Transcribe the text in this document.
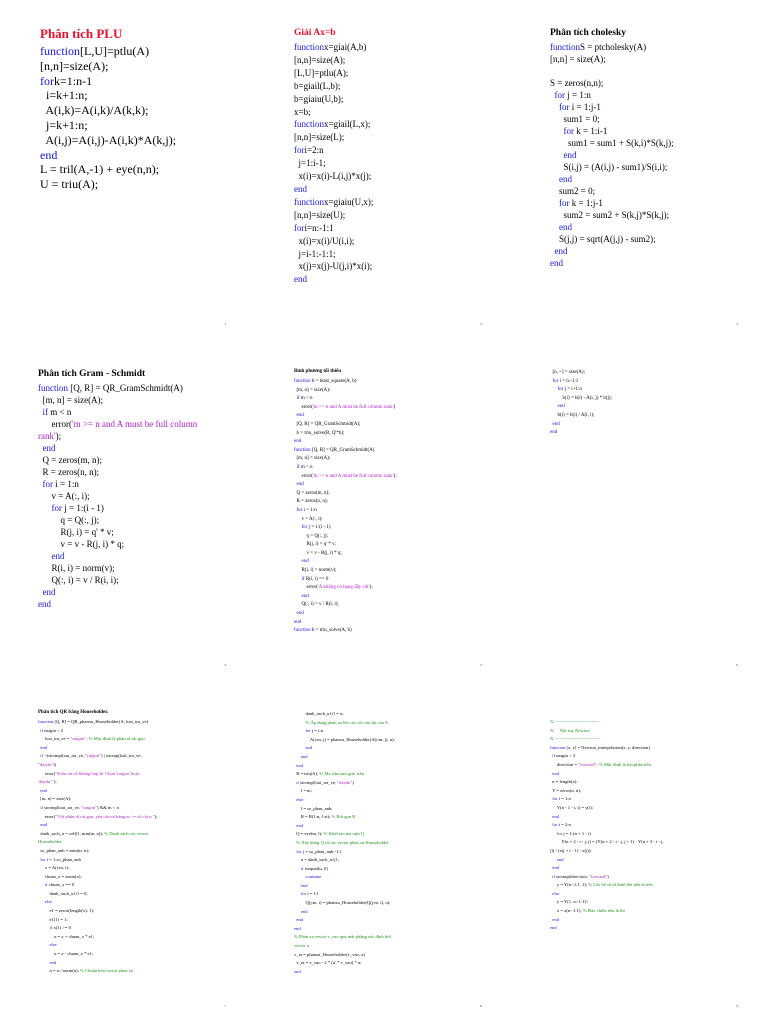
Phân tích PLU
function[L,U]=ptlu(A)
[n,n]=size(A);
fork=1:n-1
i=k+1:n;
A(i,k)=A(i,k)/A(k,k);
j=k+1:n;
A(i,j)=A(i,j)-A(i,k)*A(k,j);
end
L = tril(A,-1) + eye(n,n);
U = triu(A);
1
Giải Ax=b
functionx=giai(A,b)
[n,n]=size(A);
[L,U]=ptlu(A);
b=giail(L,b);
b=giaiu(U,b);
x=b;
functionx=giail(L,x);
[n,n]=size(L);
fori=2:n
j=1:i-1;
x(i)=x(i)-L(i,j)*x(j);
end
functionx=giaiu(U,x);
[n,n]=size(U);
fori=n:-1:1
x(i)=x(i)/U(i,i);
j=i-1:-1:1;
x(j)=x(j)-U(j,i)*x(i);
end
2
Phân tích cholesky
functionS = ptcholesky(A)
[n,n] = size(A);
S = zeros(n,n);
for j = 1:n
for i = 1:j-1
sum1 = 0;
for k = 1:i-1
sum1 = sum1 + S(k,i)*S(k,j);
end
S(i,j) = (A(i,j) - sum1)/S(i,i);
end
sum2 = 0;
for k = 1:j-1
sum2 = sum2 + S(k,j)*S(k,j);
end
S(j,j) = sqrt(A(j,j) - sum2);
end
end
3
Phân tích Gram - Schmidt
function [Q, R] = QR_GramSchmidt(A)
[m, n] = size(A);
if m < n
error('m >= n and A must be full column
rank');
end
Q = zeros(m, n);
R = zeros(n, n);
for i = 1:n
v = A(:, i);
for j = 1:(i - 1)
q = Q(:, j);
R(j, i) = q' * v;
v = v - R(j, i) * q;
end
R(i, i) = norm(v);
Q(:, i) = v / R(i, i);
end
end
4
Bình phương tối thiểu
function b = least_square(A, b)
[m, n] = size(A);
if m < n
error('m >= n and A must be full column rank')
end
[Q, R] = QR_GramSchmidt(A);
b = triu_solve(R, Q'*b);
end
function [Q, R] = QR_GramSchmidt(A)
[m, n] = size(A);
if m < n
error('m >= n and A must be full column rank');
end
Q = zeros(m, n);
R = zeros(n, n);
for i = 1:n
v = A(:, i);
for j = 1:(i - 1)
q = Q(:, j);
R(j, i) = q' * v;
v = v - R(j, i) * q;
end
R(i, i) = norm(v);
if R(i, i) == 0
error('A không có hạng đầy cột');
end
Q(:, i) = v / R(i, i);
end
end
function b = triu_solve(A, b)
5
[n, ~] = size(A);
for i = n:-1:1
for j = i+1:n
b(i) = b(i) - A(i, j) * b(j);
end
b(i) = b(i) / A(i, i);
end
end
6
Phân tích QR bằng Householder.
function [Q, R] = QR_phanxa_Householder(A, loai_tra_ve)
if nargin < 2
loai_tra_ve = "rutgon"; % Mặc định là phân rã rút gọn
end
if ~(strcmp(loai_tra_ve, "rutgon") | strcmp(loai_tra_ve,
"daydu"))
error("Kiểu trả về không hợp lệ. Chọn 'rutgon' hoặc
'daydu'.");
end
[m, n] = size(A);
if strcmp(loai_tra_ve, "rutgon") && m < n
error("Với phân rã rút gọn, yêu cầu số hàng m >= số cột n ");
end
danh_sach_u = cell(1, min(m, n)); % Danh sách các vector
Householder
so_phan_anh = min(m, n);
for i = 1:so_phan_anh
x = A(i:m, i);
chuan_x = norm(x);
if chuan_x == 0
danh_sach_u{i} = 0;
else
e1 = zeros(length(x), 1);
e1(1) = 1;
if x(1) >= 0
u = x + chuan_x * e1;
else
u = x - chuan_x * e1;
end
u = u / norm(u); % Chuẩn hóa vector phản xạ
7
danh_sach_u{i} = u;
% Áp dụng phản xạ lên các cột còn lại của A
for j = i:n
A(i:m, j) = phanxa_Householder(A(i:m, j), u);
end
end
end
R = triu(A); % Ma trận tam giác trên
if strcmp(loai_tra_ve, "daydu")
l = m;
else
l = so_phan_anh;
R = R(1:n, 1:n); % Rút gọn R
end
Q = eye(m, l); % Khởi tạo ma trận Q
% Xây dựng Q từ các vector phản xạ Householder
for j = so_phan_anh:-1:1
u = danh_sach_u{j};
if isequal(u, 0)
continue
end
for i = 1:l
Q(j:m, i) = phanxa_Householder(Q(j:m, i), u);
end
end
end
% Phản xạ vector v_vao qua mặt phẳng xác định bởi
vector u
v_ra = phanxa_Householder(v_vao, u)
v_ra = v_vao - 2 * (u' * v_vao) * u;
end
8
% -----------------------------
%     Nội suy Newton
% -----------------------------
function [x, y] = Newton_interpolation(x, y, direction)
if nargin < 3
direction = "forward"; % Mặc định là nội phân tiến
end
n = length(x);
Y = zeros(n, n);
for i = 1:n
Y(n - 1 - i, i) = y(i);
end
for i = 2:n
for j = 1:(n + 1 - i)
Y(n + 2 - i - j, j) = (Y(n + 2 - i - j, j + 1) - Y(n + 3 - i - j,
j)) / (x(j + i - 1) - x(j));
end
end
if strcmp(direction, "forward")
y = Y(n:-1:1, 1); % Lấy hệ số từ dưới lên nếu là tiến
else
y = Y(1, n:-1:1)';
x = x(n:-1:1); % Đảo chiều nếu là lùi
end
end
9
